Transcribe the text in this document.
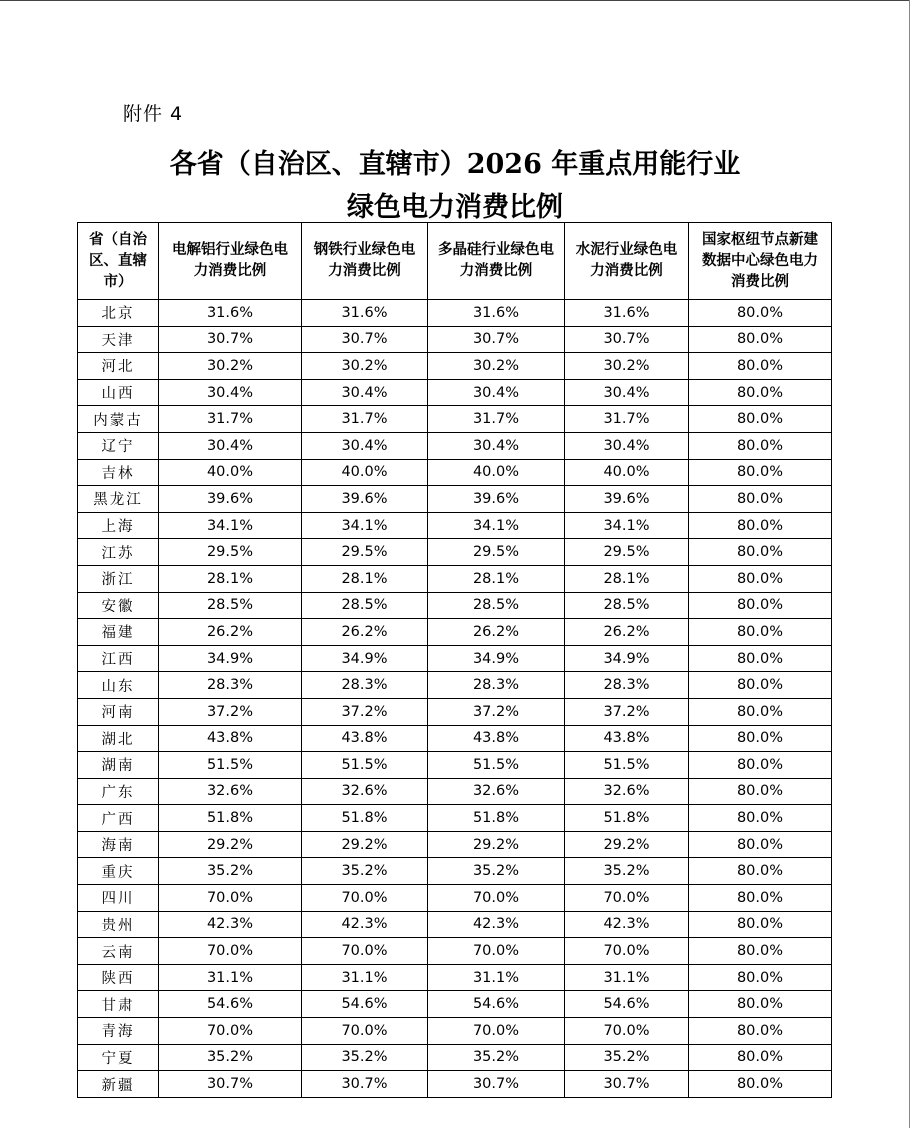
附件 4
各省（自治区、直辖市）2026 年重点用能行业
绿色电力消费比例
省（自治区、直辖市）	电解铝行业绿色电力消费比例	钢铁行业绿色电力消费比例	多晶硅行业绿色电力消费比例	水泥行业绿色电力消费比例	国家枢纽节点新建数据中心绿色电力消费比例
北京	31.6%	31.6%	31.6%	31.6%	80.0%
天津	30.7%	30.7%	30.7%	30.7%	80.0%
河北	30.2%	30.2%	30.2%	30.2%	80.0%
山西	30.4%	30.4%	30.4%	30.4%	80.0%
内蒙古	31.7%	31.7%	31.7%	31.7%	80.0%
辽宁	30.4%	30.4%	30.4%	30.4%	80.0%
吉林	40.0%	40.0%	40.0%	40.0%	80.0%
黑龙江	39.6%	39.6%	39.6%	39.6%	80.0%
上海	34.1%	34.1%	34.1%	34.1%	80.0%
江苏	29.5%	29.5%	29.5%	29.5%	80.0%
浙江	28.1%	28.1%	28.1%	28.1%	80.0%
安徽	28.5%	28.5%	28.5%	28.5%	80.0%
福建	26.2%	26.2%	26.2%	26.2%	80.0%
江西	34.9%	34.9%	34.9%	34.9%	80.0%
山东	28.3%	28.3%	28.3%	28.3%	80.0%
河南	37.2%	37.2%	37.2%	37.2%	80.0%
湖北	43.8%	43.8%	43.8%	43.8%	80.0%
湖南	51.5%	51.5%	51.5%	51.5%	80.0%
广东	32.6%	32.6%	32.6%	32.6%	80.0%
广西	51.8%	51.8%	51.8%	51.8%	80.0%
海南	29.2%	29.2%	29.2%	29.2%	80.0%
重庆	35.2%	35.2%	35.2%	35.2%	80.0%
四川	70.0%	70.0%	70.0%	70.0%	80.0%
贵州	42.3%	42.3%	42.3%	42.3%	80.0%
云南	70.0%	70.0%	70.0%	70.0%	80.0%
陕西	31.1%	31.1%	31.1%	31.1%	80.0%
甘肃	54.6%	54.6%	54.6%	54.6%	80.0%
青海	70.0%	70.0%	70.0%	70.0%	80.0%
宁夏	35.2%	35.2%	35.2%	35.2%	80.0%
新疆	30.7%	30.7%	30.7%	30.7%	80.0%
